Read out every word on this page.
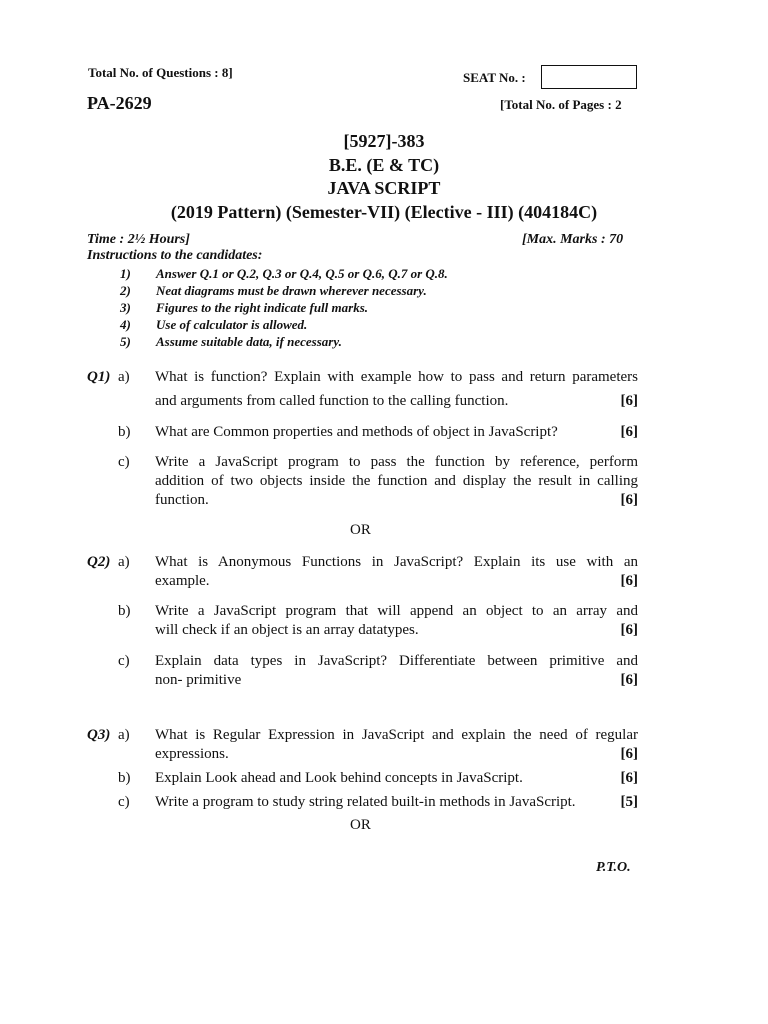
Total No. of Questions : 8]	SEAT No. :
PA-2629	[Total No. of Pages : 2
[5927]-383
B.E. (E & TC)
JAVA SCRIPT
(2019 Pattern) (Semester-VII) (Elective - III) (404184C)
Time : 2½ Hours]	[Max. Marks : 70
Instructions to the candidates:
1) Answer Q.1 or Q.2, Q.3 or Q.4, Q.5 or Q.6, Q.7 or Q.8.
2) Neat diagrams must be drawn wherever necessary.
3) Figures to the right indicate full marks.
4) Use of calculator is allowed.
5) Assume suitable data, if necessary.
Q1) a) What is function? Explain with example how to pass and return parameters
and arguments from called function to the calling function.	[6]
b) What are Common properties and methods of object in JavaScript?	[6]
c) Write a JavaScript program to pass the function by reference, perform
addition of two objects inside the function and display the result in calling
function.	[6]
OR
Q2) a) What is Anonymous Functions in JavaScript? Explain its use with an
example.	[6]
b) Write a JavaScript program that will append an object to an array and
will check if an object is an array datatypes.	[6]
c) Explain data types in JavaScript? Differentiate between primitive and
non- primitive	[6]
Q3) a) What is Regular Expression in JavaScript and explain the need of regular
expressions.	[6]
b) Explain Look ahead and Look behind concepts in JavaScript.	[6]
c) Write a program to study string related built-in methods in JavaScript.	[5]
OR
P.T.O.
